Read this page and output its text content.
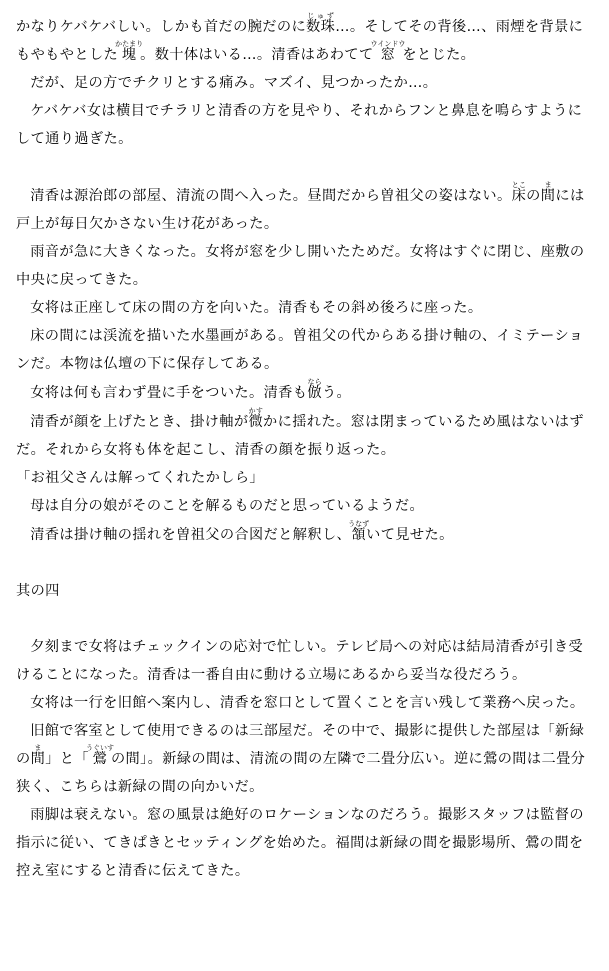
かなりケバケバしい。しかも首だの腕だのに数珠じゅず…。そしてその背後…、雨煙を背景にもやもやとした塊かたまり。数十体はいる…。清香はあわてて窓ウインドウをとじた。

だが、足の方でチクリとする痛み。マズイ、見つかったか…。

ケバケバ女は横目でチラリと清香の方を見やり、それからフンと鼻息を鳴らすようにして通り過ぎた。

清香は源治郎の部屋、清流の間へ入った。昼間だから曽祖父の姿はない。床とこの間まには戸上が毎日欠かさない生け花があった。

雨音が急に大きくなった。女将が窓を少し開いたためだ。女将はすぐに閉じ、座敷の中央に戻ってきた。

女将は正座して床の間の方を向いた。清香もその斜め後ろに座った。

床の間には渓流を描いた水墨画がある。曽祖父の代からある掛け軸の、イミテーションだ。本物は仏壇の下に保存してある。

女将は何も言わず畳に手をついた。清香も倣ならう。

清香が顔を上げたとき、掛け軸が微かすかに揺れた。窓は閉まっているため風はないはずだ。それから女将も体を起こし、清香の顔を振り返った。

「お祖父さんは解ってくれたかしら」

母は自分の娘がそのことを解るものだと思っているようだ。

清香は掛け軸の揺れを曽祖父の合図だと解釈し、頷うなずいて見せた。

其の四

夕刻まで女将はチェックインの応対で忙しい。テレビ局への対応は結局清香が引き受けることになった。清香は一番自由に動ける立場にあるから妥当な役だろう。

女将は一行を旧館へ案内し、清香を窓口として置くことを言い残して業務へ戻った。

旧館で客室として使用できるのは三部屋だ。その中で、撮影に提供した部屋は「新緑の間ま」と「鶯うぐいすの間」。新緑の間は、清流の間の左隣で二畳分広い。逆に鶯の間は二畳分狭く、こちらは新緑の間の向かいだ。

雨脚は衰えない。窓の風景は絶好のロケーションなのだろう。撮影スタッフは監督の指示に従い、てきぱきとセッティングを始めた。福間は新緑の間を撮影場所、鶯の間を控え室にすると清香に伝えてきた。
